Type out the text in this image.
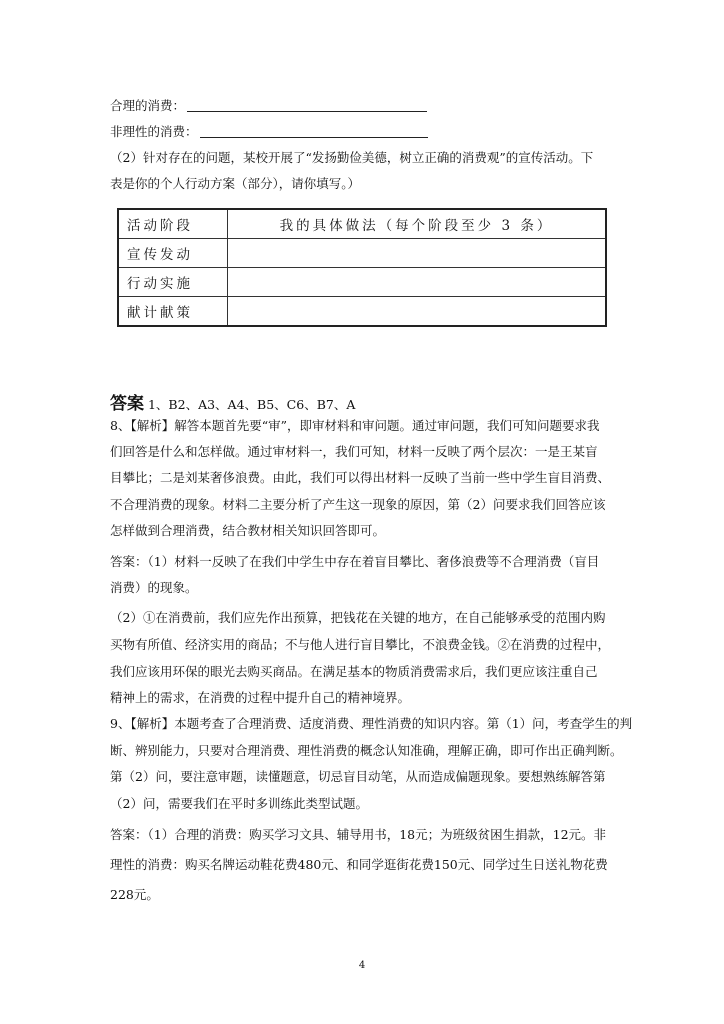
合理的消费：
非理性的消费：
（2）针对存在的问题，某校开展了“发扬勤俭美德，树立正确的消费观”的宣传活动。下
表是你的个人行动方案（部分），请你填写。）
活动阶段	我的具体做法（每个阶段至少 3 条）
宣传发动	
行动实施	
献计献策	
答案 1、B2、A3、A4、B5、C6、B7、A
8、【解析】解答本题首先要“审”，即审材料和审问题。通过审问题，我们可知问题要求我
们回答是什么和怎样做。通过审材料一，我们可知，材料一反映了两个层次：一是王某盲
目攀比；二是刘某奢侈浪费。由此，我们可以得出材料一反映了当前一些中学生盲目消费、
不合理消费的现象。材料二主要分析了产生这一现象的原因，第（2）问要求我们回答应该
怎样做到合理消费，结合教材相关知识回答即可。
答案：（1）材料一反映了在我们中学生中存在着盲目攀比、奢侈浪费等不合理消费（盲目
消费）的现象。
（2）①在消费前，我们应先作出预算，把钱花在关键的地方，在自己能够承受的范围内购
买物有所值、经济实用的商品；不与他人进行盲目攀比，不浪费金钱。②在消费的过程中，
我们应该用环保的眼光去购买商品。在满足基本的物质消费需求后，我们更应该注重自己
精神上的需求，在消费的过程中提升自己的精神境界。
9、【解析】本题考查了合理消费、适度消费、理性消费的知识内容。第（1）问，考查学生的判
断、辨别能力，只要对合理消费、理性消费的概念认知准确，理解正确，即可作出正确判断。
第（2）问，要注意审题，读懂题意，切忌盲目动笔，从而造成偏题现象。要想熟练解答第
（2）问，需要我们在平时多训练此类型试题。
答案：（1）合理的消费：购买学习文具、辅导用书，18元；为班级贫困生捐款，12元。非
理性的消费：购买名牌运动鞋花费480元、和同学逛街花费150元、同学过生日送礼物花费
228元。
4
